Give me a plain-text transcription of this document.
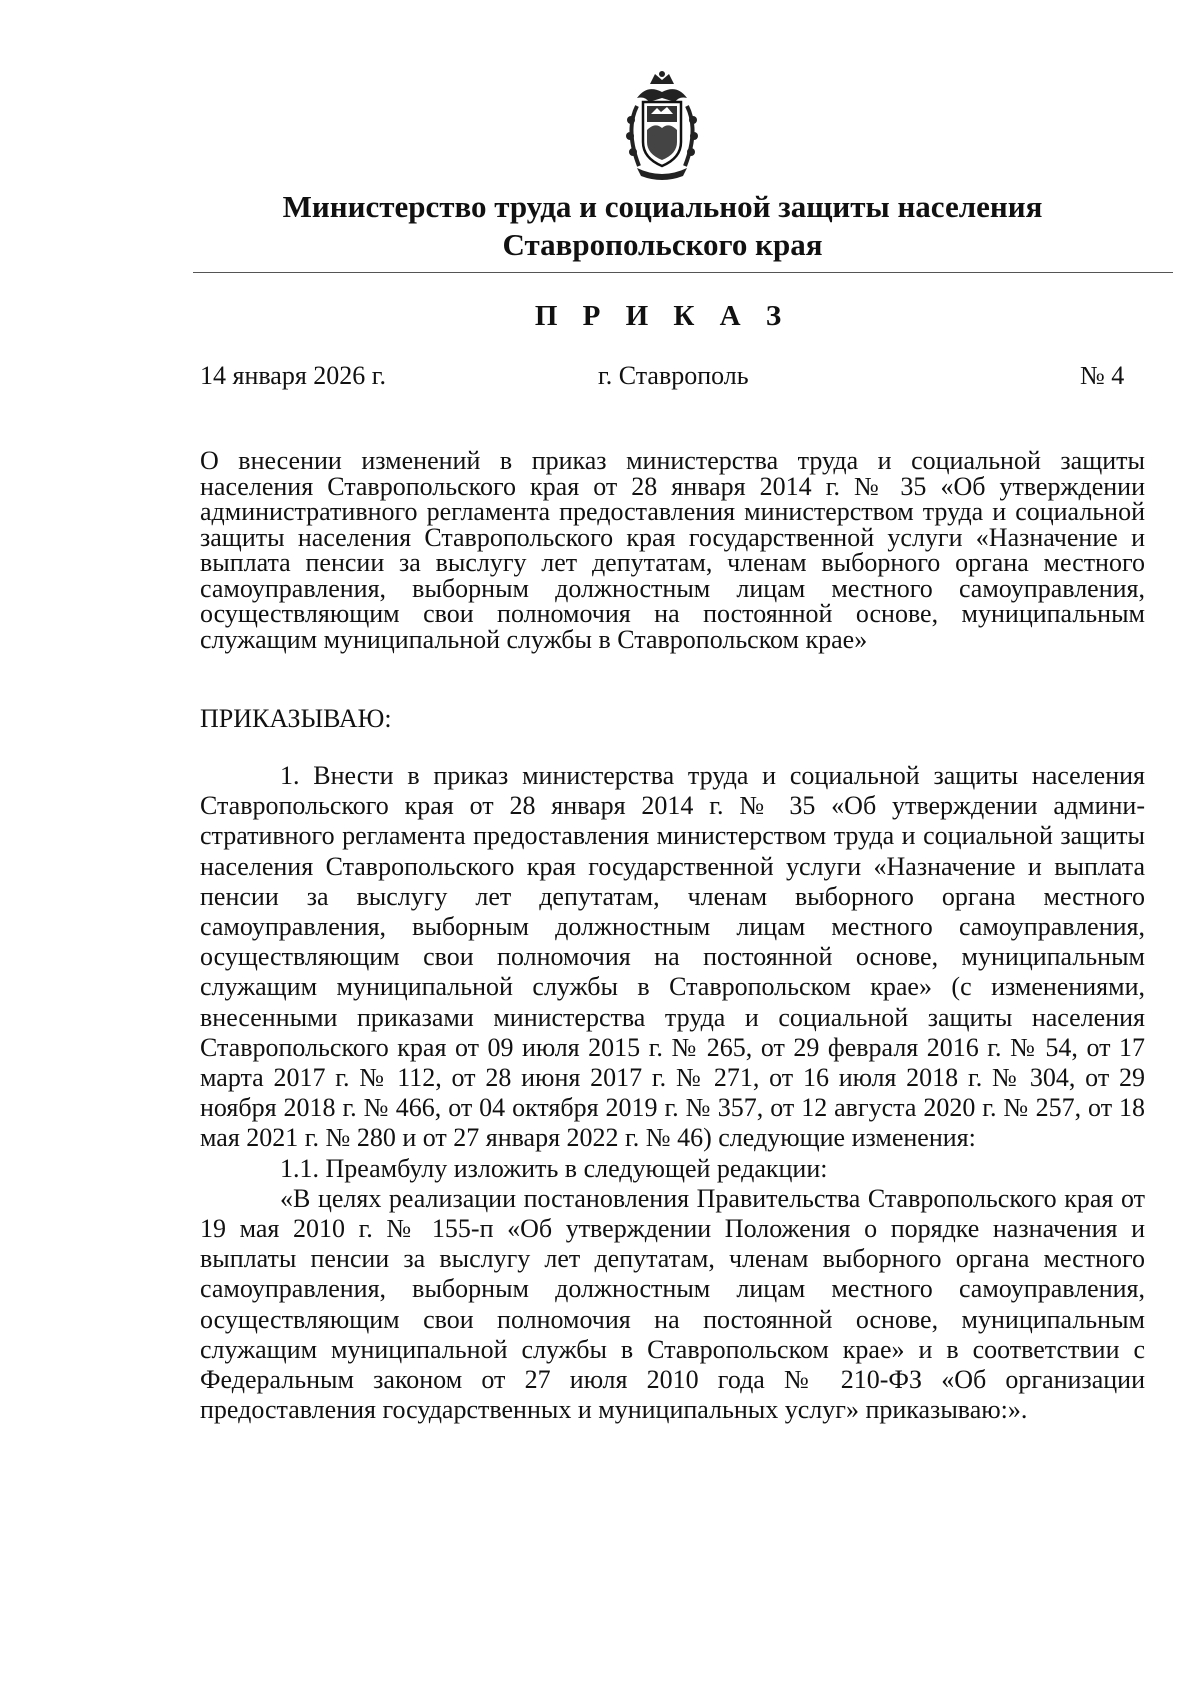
Министерство труда и социальной защиты населения
Ставропольского края
П Р И К А З
14 января 2026 г.	г. Ставрополь	№ 4
О внесении изменений в приказ министерства труда и социальной защиты населения Ставропольского края от 28 января 2014 г. № 35 «Об утверждении административного регламента предоставления министерством труда и социальной защиты населения Ставропольского края государственной услуги «Назначение и выплата пенсии за выслугу лет депутатам, членам выборного органа местного самоуправления, выборным должностным лицам местного самоуправления, осуществляющим свои полномочия на постоянной основе, муниципальным служащим муниципальной службы в Ставропольском крае»
ПРИКАЗЫВАЮ:

1. Внести в приказ министерства труда и социальной защиты населения Ставропольского края от 28 января 2014 г. № 35 «Об утверждении административного регламента предоставления министерством труда и социальной защиты населения Ставропольского края государственной услуги «Назначение и выплата пенсии за выслугу лет депутатам, членам выборного органа местного самоуправления, выборным должностным лицам местного самоуправления, осуществляющим свои полномочия на постоянной основе, муниципальным служащим муниципальной службы в Ставропольском крае» (с изменениями, внесенными приказами министерства труда и социальной защиты населения Ставропольского края от 09 июля 2015 г. № 265, от 29 февраля 2016 г. № 54, от 17 марта 2017 г. № 112, от 28 июня 2017 г. № 271, от 16 июля 2018 г. № 304, от 29 ноября 2018 г. № 466, от 04 октября 2019 г. № 357, от 12 августа 2020 г. № 257, от 18 мая 2021 г. № 280 и от 27 января 2022 г. № 46) следующие изменения:

1.1. Преамбулу изложить в следующей редакции:

«В целях реализации постановления Правительства Ставропольского края от 19 мая 2010 г. № 155-п «Об утверждении Положения о порядке назначения и выплаты пенсии за выслугу лет депутатам, членам выборного органа местного самоуправления, выборным должностным лицам местного самоуправления, осуществляющим свои полномочия на постоянной основе, муниципальным служащим муниципальной службы в Ставропольском крае» и в соответствии с Федеральным законом от 27 июля 2010 года № 210-ФЗ «Об организации предоставления государственных и муниципальных услуг» приказываю:».
